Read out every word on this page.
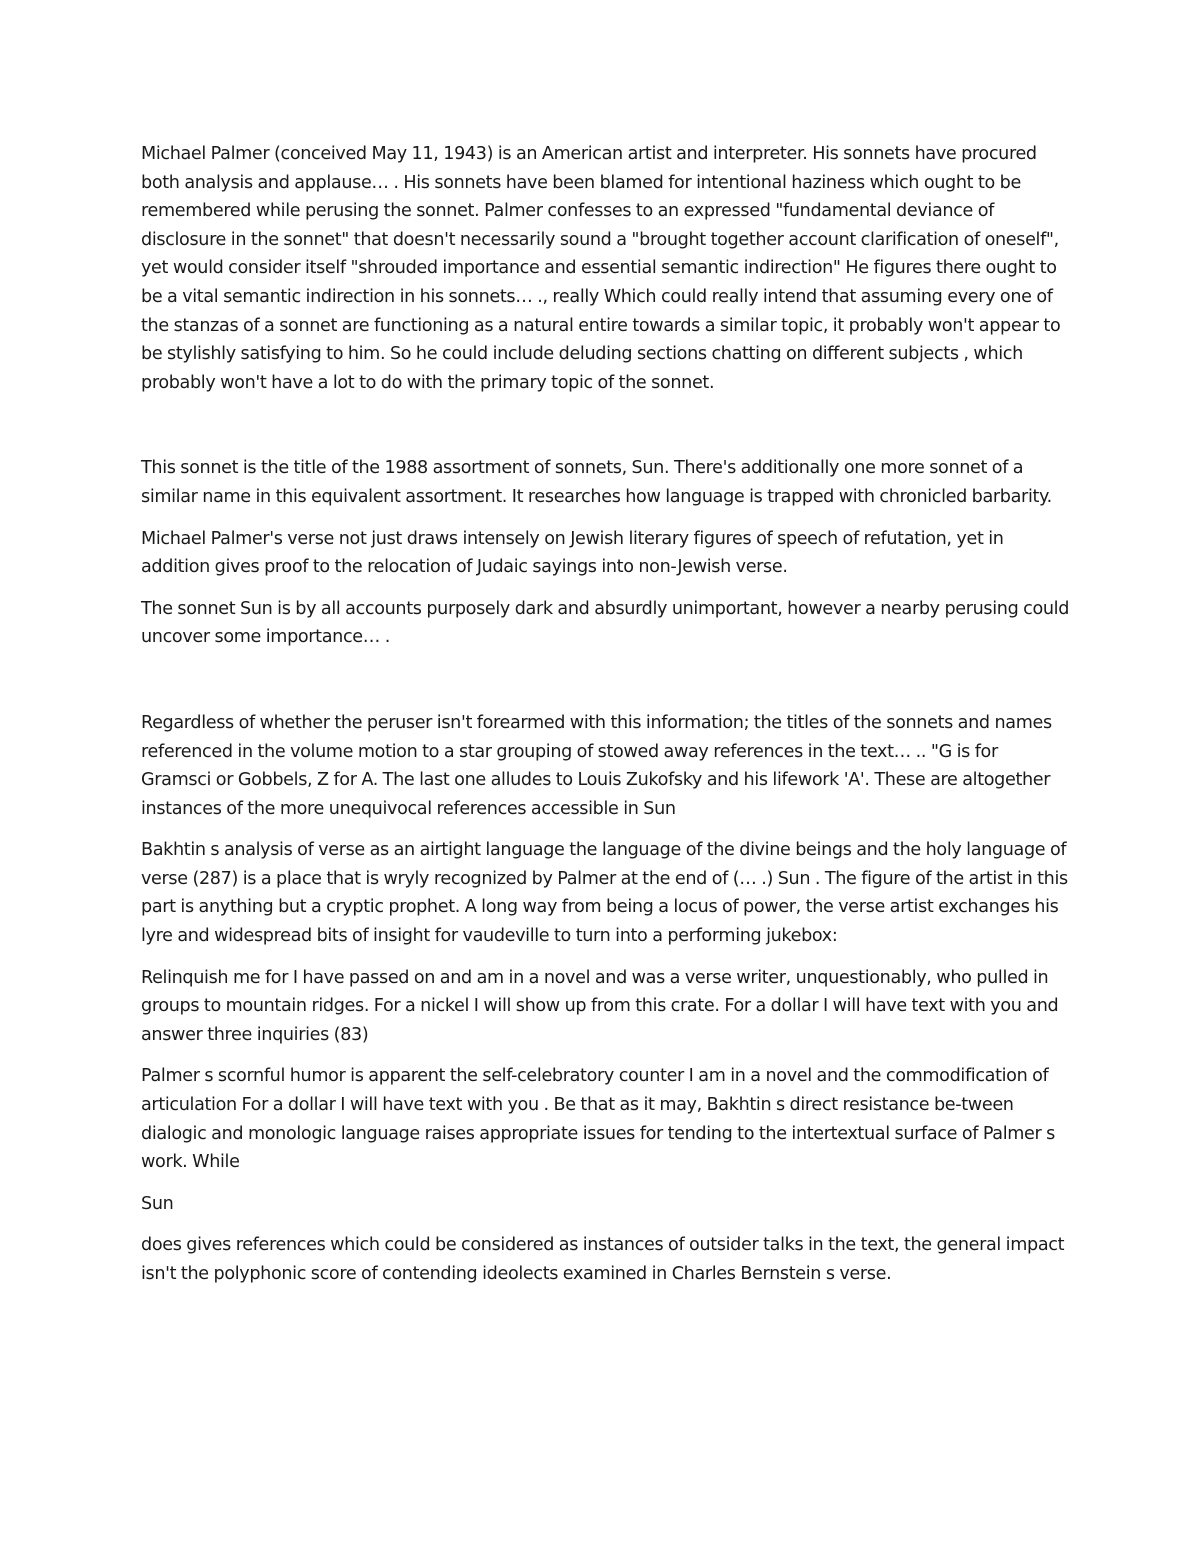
Michael Palmer (conceived May 11, 1943) is an American artist and interpreter. His sonnets have procured both analysis and applause… . His sonnets have been blamed for intentional haziness which ought to be remembered while perusing the sonnet. Palmer confesses to an expressed "fundamental deviance of disclosure in the sonnet" that doesn't necessarily sound a "brought together account clarification of oneself", yet would consider itself "shrouded importance and essential semantic indirection" He figures there ought to be a vital semantic indirection in his sonnets… ., really Which could really intend that assuming every one of the stanzas of a sonnet are functioning as a natural entire towards a similar topic, it probably won't appear to be stylishly satisfying to him. So he could include deluding sections chatting on different subjects , which probably won't have a lot to do with the primary topic of the sonnet.

This sonnet is the title of the 1988 assortment of sonnets, Sun. There's additionally one more sonnet of a similar name in this equivalent assortment. It researches how language is trapped with chronicled barbarity.

Michael Palmer's verse not just draws intensely on Jewish literary figures of speech of refutation, yet in addition gives proof to the relocation of Judaic sayings into non-Jewish verse.

The sonnet Sun is by all accounts purposely dark and absurdly unimportant, however a nearby perusing could uncover some importance… .

Regardless of whether the peruser isn't forearmed with this information; the titles of the sonnets and names referenced in the volume motion to a star grouping of stowed away references in the text… .. "G is for Gramsci or Gobbels, Z for A. The last one alludes to Louis Zukofsky and his lifework 'A'. These are altogether instances of the more unequivocal references accessible in Sun

Bakhtin s analysis of verse as an airtight language the language of the divine beings and the holy language of verse (287) is a place that is wryly recognized by Palmer at the end of (… .) Sun . The figure of the artist in this part is anything but a cryptic prophet. A long way from being a locus of power, the verse artist exchanges his lyre and widespread bits of insight for vaudeville to turn into a performing jukebox:

Relinquish me for I have passed on and am in a novel and was a verse writer, unquestionably, who pulled in groups to mountain ridges. For a nickel I will show up from this crate. For a dollar I will have text with you and answer three inquiries (83)

Palmer s scornful humor is apparent the self-celebratory counter I am in a novel and the commodification of articulation For a dollar I will have text with you . Be that as it may, Bakhtin s direct resistance be-tween dialogic and monologic language raises appropriate issues for tending to the intertextual surface of Palmer s work. While

Sun

does gives references which could be considered as instances of outsider talks in the text, the general impact isn't the polyphonic score of contending ideolects examined in Charles Bernstein s verse.
